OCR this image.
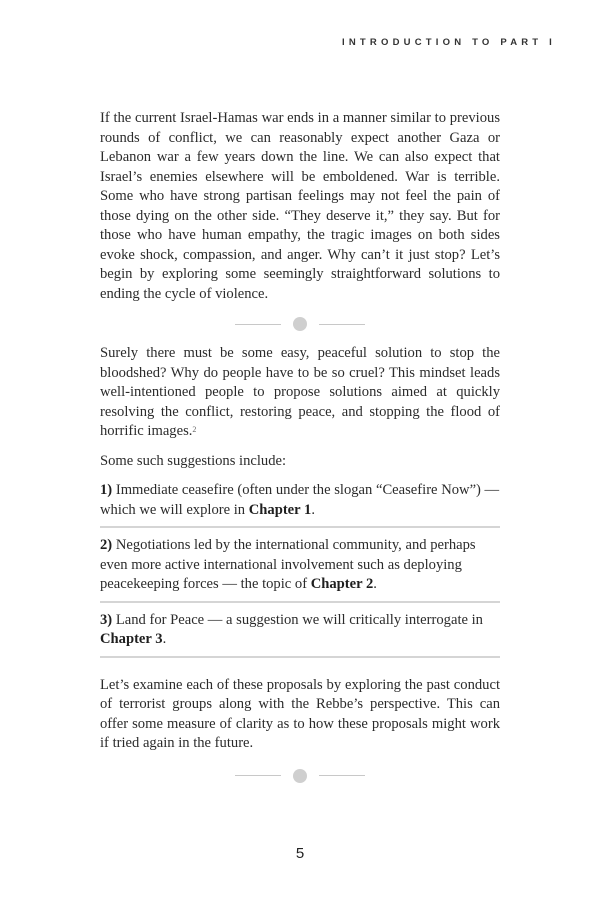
INTRODUCTION TO PART I

If the current Israel-Hamas war ends in a manner similar to previous rounds of conflict, we can reasonably expect another Gaza or Lebanon war a few years down the line. We can also expect that Israel’s enemies elsewhere will be emboldened. War is terrible. Some who have strong partisan feelings may not feel the pain of those dying on the other side. “They deserve it,” they say. But for those who have human empathy, the tragic images on both sides evoke shock, compassion, and anger. Why can’t it just stop? Let’s begin by exploring some seemingly straightforward solutions to ending the cycle of violence.

Surely there must be some easy, peaceful solution to stop the bloodshed? Why do people have to be so cruel? This mindset leads well-intentioned people to propose solutions aimed at quickly resolving the conflict, restoring peace, and stopping the flood of horrific images.$^2$

Some such suggestions include:

1) Immediate ceasefire (often under the slogan “Ceasefire Now”) — which we will explore in Chapter 1.

2) Negotiations led by the international community, and perhaps even more active international involvement such as deploying peacekeeping forces — the topic of Chapter 2.

3) Land for Peace — a suggestion we will critically interrogate in Chapter 3.

Let’s examine each of these proposals by exploring the past conduct of terrorist groups along with the Rebbe’s perspective. This can offer some measure of clarity as to how these proposals might work if tried again in the future.

5
